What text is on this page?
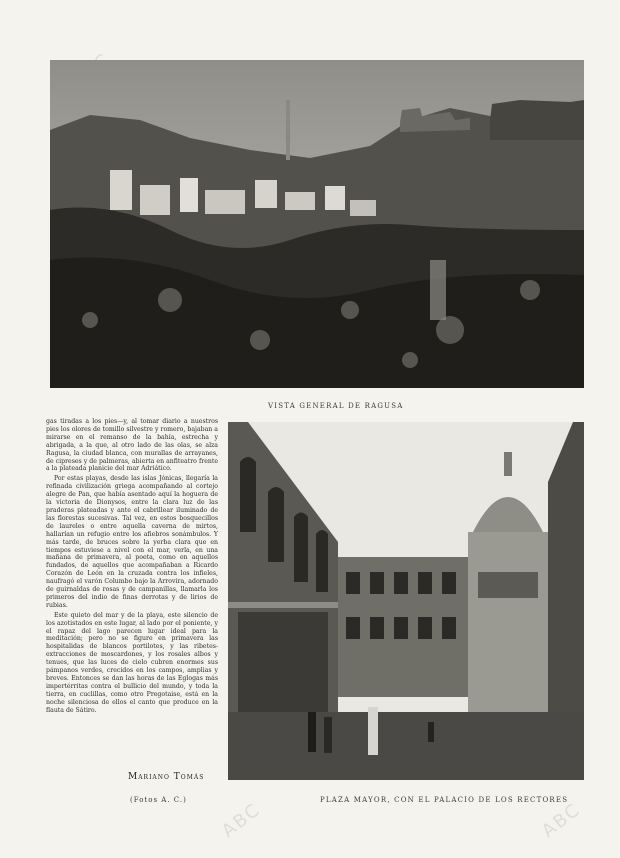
ABC
ABC
VISTA GENERAL DE RAGUSA

gas tiradas a los pies—y, al tomar diario a nuestros pies los olores de tomillo silvestre y romero, bajaban a mirarse en el remanso de la bahía, estrecha y abrigada, a la que, al otro lado de las olas, se alza Ragusa, la ciudad blanca, con murallas de arrayanes, de cipreses y de palmeras, abierta en anfiteatro frente a la plateada planicie del mar Adriático.

Por estas playas, desde las islas Jónicas, llegaría la refinada civilización griega acompañando al cortejo alegre de Pan, que había asentado aquí la hoguera de la victoria de Dionysos, entre la clara luz de las praderas plateadas y ante el cabrillear iluminado de las florestas sucesivas. Tal vez, en estos bosquecillos de laureles o entre aquella caverna de mirtos, hallarían un refugio entre los afiebros sonámbulos. Y más tarde, de bruces sobre la yerba clara que en tiempos estuviese a nivel con el mar, verla, en una mañana de primavera, al poeta, como en aquellos fundados, de aquellos que acompañaban a Ricardo Corazón de León en la cruzada contra los infieles, naufragó el varón Columbo bajo la Arrovira, adornado de guirnaldas de rosas y de campanillas, llamarla los primeros del indio de finas derrotas y de lirios de rubias.

Este quieto del mar y de la playa, este silencio de los azotistados en este lugar, al lado por el poniente, y el rapaz del lago parecen lugar ideal para la meditación; pero no se figure en primavera las hospitalidas de blancos portilotes, y las ribetes-extracciones de moscardones, y los rosales albos y tenues, que las luces de cielo cubren enormes sus pámpanos verdes, crecidos en los campos, amplias y breves. Entonces se dan las horas de las Eglogas más impertérritas contra el bullicio del mundo, y toda la tierra, en cuclillas, como otro Pregotaise, está en la noche silenciosa de ellos el canto que produce en la flauta de Sátiro.

Mariano Tomás
(Fotos A. C.)	PLAZA MAYOR, CON EL PALACIO DE LOS RECTORES
